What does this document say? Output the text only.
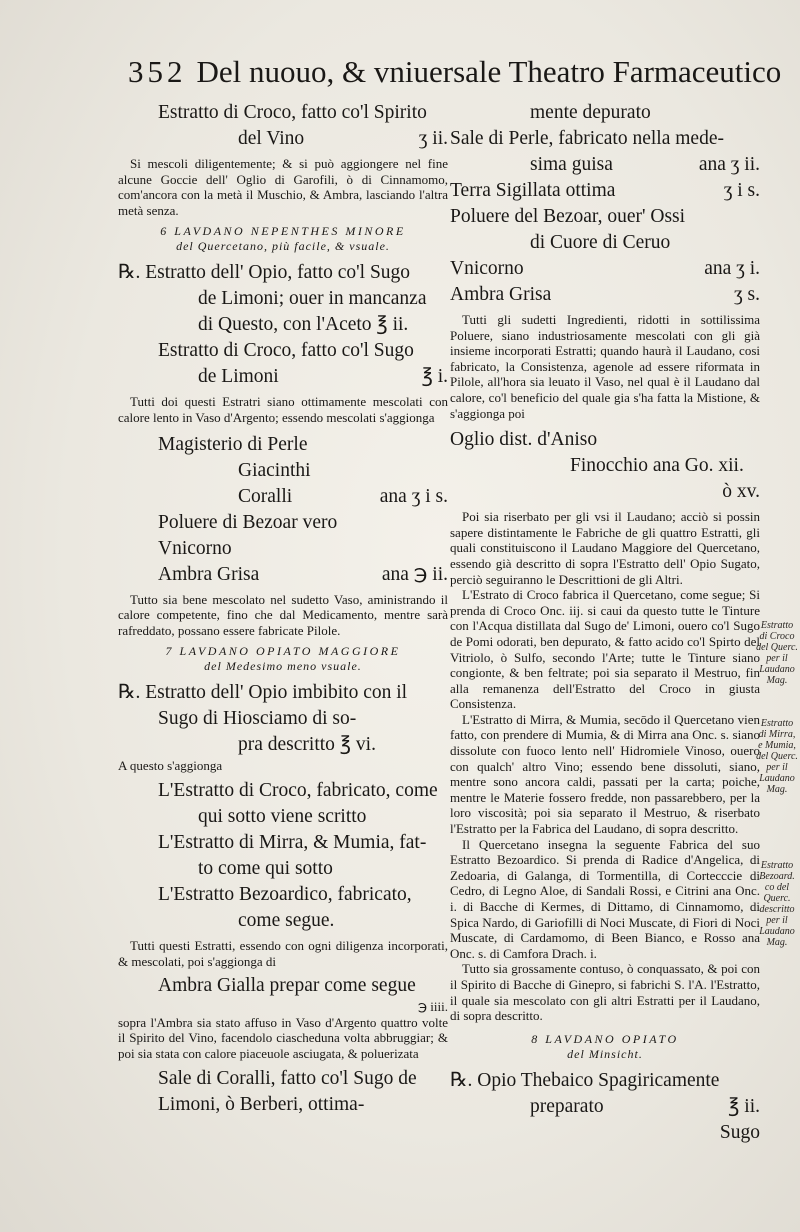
352 Del nuouo, & vniuersale Theatro Farmaceutico

Estratto di Croco, fatto co'l Spirito

del Vino	ʒ ii.

Si mescoli diligentemente; & si può aggiongere nel fine alcune Goccie dell' Oglio di Garofili, ò di Cinnamomo, com'ancora con la metà il Muschio, & Ambra, lasciando l'altra metà senza.

6 LAVDANO NEPENTHES MINORE

del Quercetano, più facile, & vsuale.

℞. Estratto dell' Opio, fatto co'l Sugo

de Limoni; ouer in mancanza

di Questo, con l'Aceto ℥ ii.

Estratto di Croco, fatto co'l Sugo

de Limoni	℥ i.

Tutti doi questi Estratri siano ottimamente mescolati con calore lento in Vaso d'Argento; essendo mescolati s'aggionga

Magisterio di Perle

Giacinthi

Coralli	ana ʒ i s.

Poluere di Bezoar vero

Vnicorno

Ambra Grisa	ana ℈ ii.

Tutto sia bene mescolato nel sudetto Vaso, aministrando il calore competente, fino che dal Medicamento, mentre sarà rafreddato, possano essere fabricate Pilole.

7 LAVDANO OPIATO MAGGIORE

del Medesimo meno vsuale.

℞. Estratto dell' Opio imbibito con il

Sugo di Hiosciamo di so-

pra descritto ℥ vi.

A questo s'aggionga

L'Estratto di Croco, fabricato, come

qui sotto viene scritto

L'Estratto di Mirra, & Mumia, fat-

to come qui sotto

L'Estratto Bezoardico, fabricato,

come segue.

Tutti questi Estratti, essendo con ogni diligenza incorporati, & mescolati, poi s'aggionga di

Ambra Gialla prepar come segue

℈ iiii.

sopra l'Ambra sia stato affuso in Vaso d'Argento quattro volte il Spirito del Vino, facendolo ciascheduna volta abbruggiar; & poi sia stata con calore piaceuole asciugata, & poluerizata

Sale di Coralli, fatto co'l Sugo de

Limoni, ò Berberi, ottima-

mente depurato

Sale di Perle, fabricato nella mede-

sima guisa	ana ʒ ii.

Terra Sigillata ottima	ʒ i s.

Poluere del Bezoar, ouer' Ossi

di Cuore di Ceruo

Vnicorno	ana ʒ i.

Ambra Grisa	ʒ s.

Tutti gli sudetti Ingredienti, ridotti in sottilissima Poluere, siano industriosamente mescolati con gli già insieme incorporati Estratti; quando haurà il Laudano, cosi fabricato, la Consistenza, agenole ad essere riformata in Pilole, all'hora sia leuato il Vaso, nel qual è il Laudano dal calore, co'l beneficio del quale gia s'ha fatta la Mistione, & s'aggionga poi

Oglio dist. d'Aniso

Finocchio ana Go. xii.

ò xv.

Poi sia riserbato per gli vsi il Laudano; acciò si possin sapere distintamente le Fabriche de gli quattro Estratti, gli quali constituiscono il Laudano Maggiore del Quercetano, essendo già descritto di sopra l'Estratto dell' Opio Sugato, perciò seguiranno le Descrittioni de gli Altri.

L'Estrato di Croco fabrica il Quercetano, come segue; Si prenda di Croco Onc. iij. si caui da questo tutte le Tinture con l'Acqua distillata dal Sugo de' Limoni, ouero co'l Sugo de Pomi odorati, ben depurato, & fatto acido co'l Spirto del Vitriolo, ò Sulfo, secondo l'Arte; tutte le Tinture siano congionte, & ben feltrate; poi sia separato il Mestruo, fin alla remanenza dell'Estratto del Croco in giusta Consistenza.

L'Estratto di Mirra, & Mumia, secōdo il Quercetano vien fatto, con prendere di Mumia, & di Mirra ana Onc. s. siano dissolute con fuoco lento nell' Hidromiele Vinoso, ouero con qualch' altro Vino; essendo bene dissoluti, siano, mentre sono ancora caldi, passati per la carta; poiche, mentre le Materie fossero fredde, non passarebbero, per la loro viscosità; poi sia separato il Mestruo, & riserbato l'Estratto per la Fabrica del Laudano, di sopra descritto.

Il Quercetano insegna la seguente Fabrica del suo Estratto Bezoardico. Si prenda di Radice d'Angelica, di Zedoaria, di Galanga, di Tormentilla, di Cortecccie di Cedro, di Legno Aloe, di Sandali Rossi, e Citrini ana Onc. i. di Bacche di Kermes, di Dittamo, di Cinnamomo, di Spica Nardo, di Gariofilli di Noci Muscate, di Fiori di Noci Muscate, di Cardamomo, di Been Bianco, e Rosso ana Onc. s. di Camfora Drach. i.

Tutto sia grossamente contuso, ò conquassato, & poi con il Spirito di Bacche di Ginepro, si fabrichi S. l'A. l'Estratto, il quale sia mescolato con gli altri Estratti per il Laudano, di sopra descritto.

8 LAVDANO OPIATO

del Minsicht.

℞. Opio Thebaico Spagiricamente

preparato	℥ ii.

Sugo

Estratto di Croco del Querc. per il Laudano Mag.
Estratto di Mirra, e Mumia, del Querc. per il Laudano Mag.
Estratto Bezoard. co del Querc. descritto per il Laudano Mag.
